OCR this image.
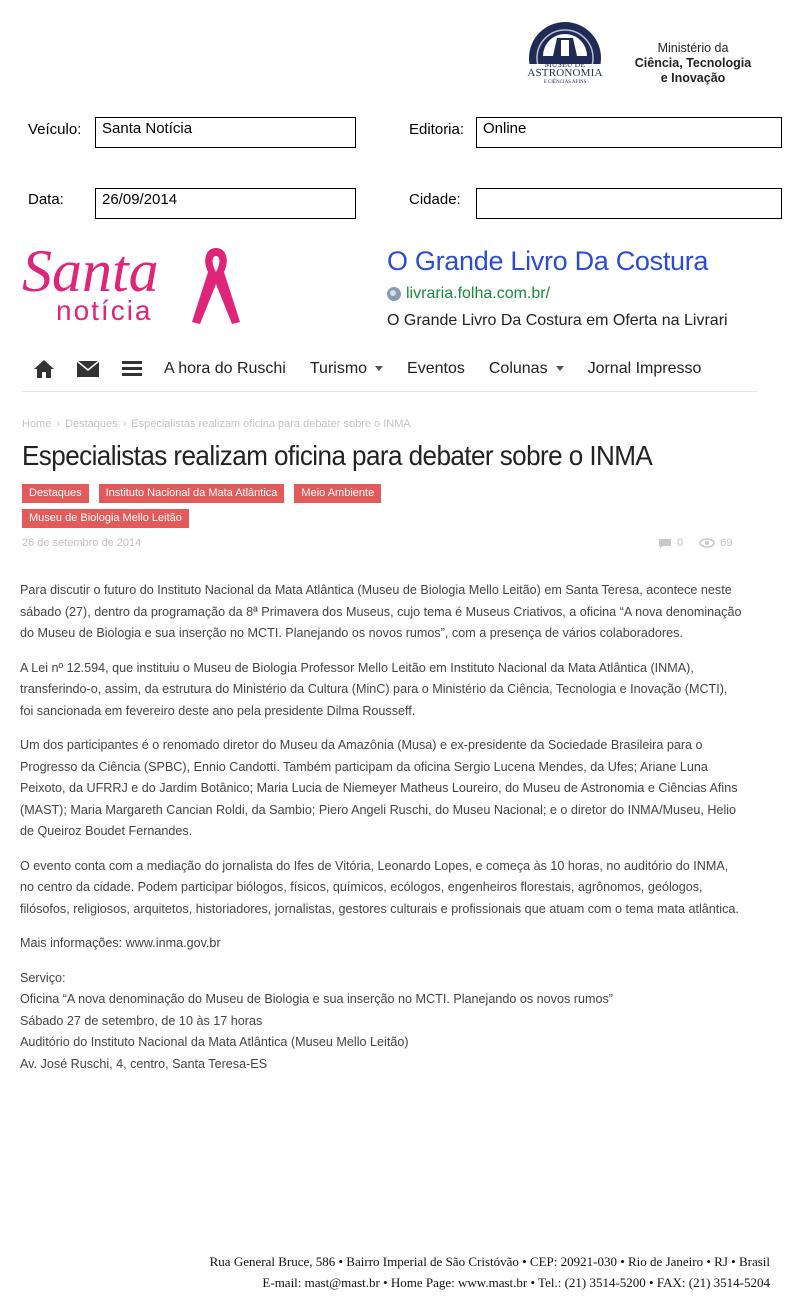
MUSEU DE
ASTRONOMIA
E CIÊNCIAS AFINS
Ministério da
Ciência, Tecnologia
e Inovação
Veículo:	Santa Notícia	Editoria:	Online
Data:	26/09/2014	Cidade:
Santa
notícia
O Grande Livro Da Costura
livraria.folha.com.br/
O Grande Livro Da Costura em Oferta na Livrari
A hora do Ruschi Turismo	Eventos Colunas	Jornal Impresso
Home › Destaques › Especialistas realizam oficina para debater sobre o INMA
Especialistas realizam oficina para debater sobre o INMA
Destaques	Instituto Nacional da Mata Atlântica	Meio Ambiente
Museu de Biologia Mello Leitão
26 de setembro de 2014	0	69

Para discutir o futuro do Instituto Nacional da Mata Atlântica (Museu de Biologia Mello Leitão) em Santa Teresa, acontece neste sábado (27), dentro da programação da 8ª Primavera dos Museus, cujo tema é Museus Criativos, a oficina “A nova denominação do Museu de Biologia e sua inserção no MCTI. Planejando os novos rumos”, com a presença de vários colaboradores.

A Lei nº 12.594, que instituiu o Museu de Biologia Professor Mello Leitão em Instituto Nacional da Mata Atlântica (INMA), transferindo-o, assim, da estrutura do Ministério da Cultura (MinC) para o Ministério da Ciência, Tecnologia e Inovação (MCTI), foi sancionada em fevereiro deste ano pela presidente Dilma Rousseff.

Um dos participantes é o renomado diretor do Museu da Amazônia (Musa) e ex-presidente da Sociedade Brasileira para o Progresso da Ciência (SPBC), Ennio Candotti. Também participam da oficina Sergio Lucena Mendes, da Ufes; Ariane Luna Peixoto, da UFRRJ e do Jardim Botânico; Maria Lucia de Niemeyer Matheus Loureiro, do Museu de Astronomia e Ciências Afins (MAST); Maria Margareth Cancian Roldi, da Sambio; Piero Angeli Ruschi, do Museu Nacional; e o diretor do INMA/Museu, Helio de Queiroz Boudet Fernandes.

O evento conta com a mediação do jornalista do Ifes de Vitória, Leonardo Lopes, e começa às 10 horas, no auditório do INMA, no centro da cidade. Podem participar biólogos, físicos, químicos, ecólogos, engenheiros florestais, agrônomos, geólogos, filósofos, religiosos, arquitetos, historiadores, jornalistas, gestores culturais e profissionais que atuam com o tema mata atlântica.

Mais informações: www.inma.gov.br

Serviço:

Oficina “A nova denominação do Museu de Biologia e sua inserção no MCTI. Planejando os novos rumos”

Sábado 27 de setembro, de 10 às 17 horas

Auditório do Instituto Nacional da Mata Atlântica (Museu Mello Leitão)

Av. José Ruschi, 4, centro, Santa Teresa-ES

Rua General Bruce, 586 • Bairro Imperial de São Cristóvão • CEP: 20921-030 • Rio de Janeiro • RJ • Brasil
E-mail: mast@mast.br • Home Page: www.mast.br • Tel.: (21) 3514-5200 • FAX: (21) 3514-5204
